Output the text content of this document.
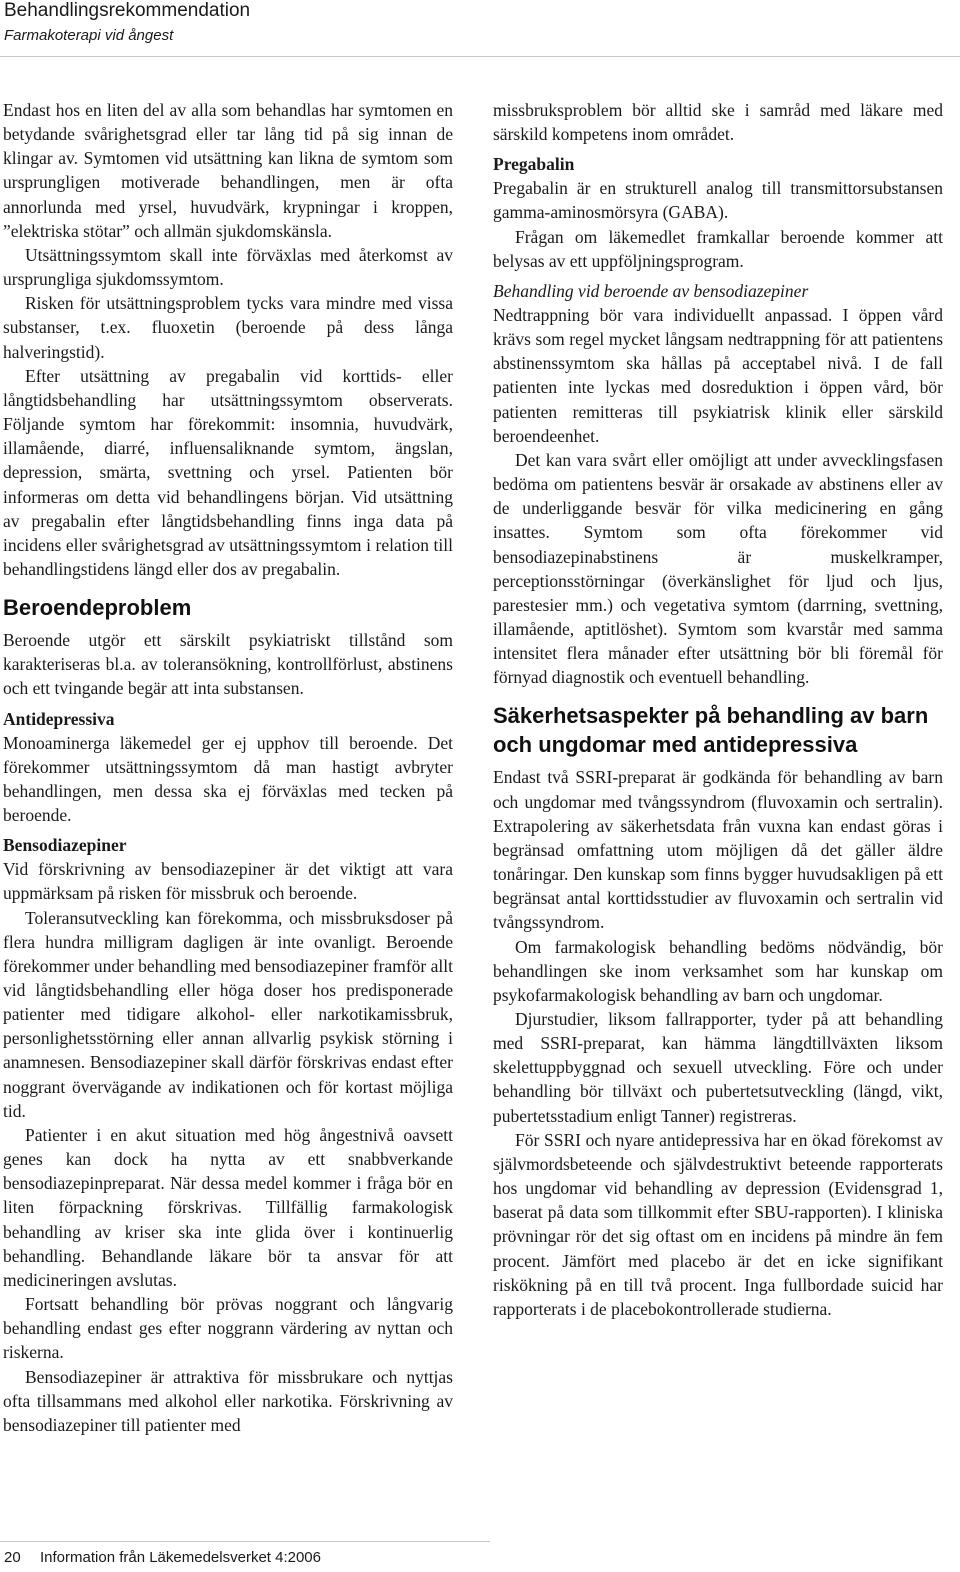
Behandlingsrekommendation
Farmakoterapi vid ångest

Endast hos en liten del av alla som behandlas har symtomen en betydande svårighetsgrad eller tar lång tid på sig innan de klingar av. Symtomen vid utsättning kan likna de symtom som ursprungligen motiverade behandlingen, men är ofta annorlunda med yrsel, huvudvärk, krypningar i kroppen, ”elektriska stötar” och allmän sjukdomskänsla.

Utsättningssymtom skall inte förväxlas med återkomst av ursprungliga sjukdomssymtom.

Risken för utsättningsproblem tycks vara mindre med vissa substanser, t.ex. fluoxetin (beroende på dess långa halveringstid).

Efter utsättning av pregabalin vid korttids- eller långtidsbehandling har utsättningssymtom observerats. Följande symtom har förekommit: insomnia, huvudvärk, illamående, diarré, influensaliknande symtom, ängslan, depression, smärta, svettning och yrsel. Patienten bör informeras om detta vid behandlingens början. Vid utsättning av pregabalin efter långtidsbehandling finns inga data på incidens eller svårighetsgrad av utsättningssymtom i relation till behandlingstidens längd eller dos av pregabalin.

Beroendeproblem

Beroende utgör ett särskilt psykiatriskt tillstånd som karakteriseras bl.a. av toleransökning, kontrollförlust, abstinens och ett tvingande begär att inta substansen.

Antidepressiva

Monoaminerga läkemedel ger ej upphov till beroende. Det förekommer utsättningssymtom då man hastigt avbryter behandlingen, men dessa ska ej förväxlas med tecken på beroende.

Bensodiazepiner

Vid förskrivning av bensodiazepiner är det viktigt att vara uppmärksam på risken för missbruk och beroende.

Toleransutveckling kan förekomma, och missbruksdoser på flera hundra milligram dagligen är inte ovanligt. Beroende förekommer under behandling med bensodiazepiner framför allt vid långtidsbehandling eller höga doser hos predisponerade patienter med tidigare alkohol- eller narkotikamissbruk, personlighetsstörning eller annan allvarlig psykisk störning i anamnesen. Bensodiazepiner skall därför förskrivas endast efter noggrant övervägande av indikationen och för kortast möjliga tid.

Patienter i en akut situation med hög ångestnivå oavsett genes kan dock ha nytta av ett snabbverkande bensodiazepinpreparat. När dessa medel kommer i fråga bör en liten förpackning förskrivas. Tillfällig farmakologisk behandling av kriser ska inte glida över i kontinuerlig behandling. Behandlande läkare bör ta ansvar för att medicineringen avslutas.

Fortsatt behandling bör prövas noggrant och långvarig behandling endast ges efter noggrann värdering av nyttan och riskerna.

Bensodiazepiner är attraktiva för missbrukare och nyttjas ofta tillsammans med alkohol eller narkotika. Förskrivning av bensodiazepiner till patienter med

missbruksproblem bör alltid ske i samråd med läkare med särskild kompetens inom området.

Pregabalin

Pregabalin är en strukturell analog till transmittorsubstansen gamma-aminosmörsyra (GABA).

Frågan om läkemedlet framkallar beroende kommer att belysas av ett uppföljningsprogram.

Behandling vid beroende av bensodiazepiner

Nedtrappning bör vara individuellt anpassad. I öppen vård krävs som regel mycket långsam nedtrappning för att patientens abstinenssymtom ska hållas på acceptabel nivå. I de fall patienten inte lyckas med dosreduktion i öppen vård, bör patienten remitteras till psykiatrisk klinik eller särskild beroendeenhet.

Det kan vara svårt eller omöjligt att under avvecklingsfasen bedöma om patientens besvär är orsakade av abstinens eller av de underliggande besvär för vilka medicinering en gång insattes. Symtom som ofta förekommer vid bensodiazepinabstinens är muskelkramper, perceptionsstörningar (överkänslighet för ljud och ljus, parestesier mm.) och vegetativa symtom (darrning, svettning, illamående, aptitlöshet). Symtom som kvarstår med samma intensitet flera månader efter utsättning bör bli föremål för förnyad diagnostik och eventuell behandling.

Säkerhetsaspekter på behandling av barn och ungdomar med antidepressiva

Endast två SSRI-preparat är godkända för behandling av barn och ungdomar med tvångssyndrom (fluvoxamin och sertralin). Extrapolering av säkerhetsdata från vuxna kan endast göras i begränsad omfattning utom möjligen då det gäller äldre tonåringar. Den kunskap som finns bygger huvudsakligen på ett begränsat antal korttidsstudier av fluvoxamin och sertralin vid tvångssyndrom.

Om farmakologisk behandling bedöms nödvändig, bör behandlingen ske inom verksamhet som har kunskap om psykofarmakologisk behandling av barn och ungdomar.

Djurstudier, liksom fallrapporter, tyder på att behandling med SSRI-preparat, kan hämma längdtillväxten liksom skelettuppbyggnad och sexuell utveckling. Före och under behandling bör tillväxt och pubertetsutveckling (längd, vikt, pubertetsstadium enligt Tanner) registreras.

För SSRI och nyare antidepressiva har en ökad förekomst av självmordsbeteende och självdestruktivt beteende rapporterats hos ungdomar vid behandling av depression (Evidensgrad 1, baserat på data som tillkommit efter SBU-rapporten). I kliniska prövningar rör det sig oftast om en incidens på mindre än fem procent. Jämfört med placebo är det en icke signifikant riskökning på en till två procent. Inga fullbordade suicid har rapporterats i de placebokontrollerade studierna.

20 Information från Läkemedelsverket 4:2006
